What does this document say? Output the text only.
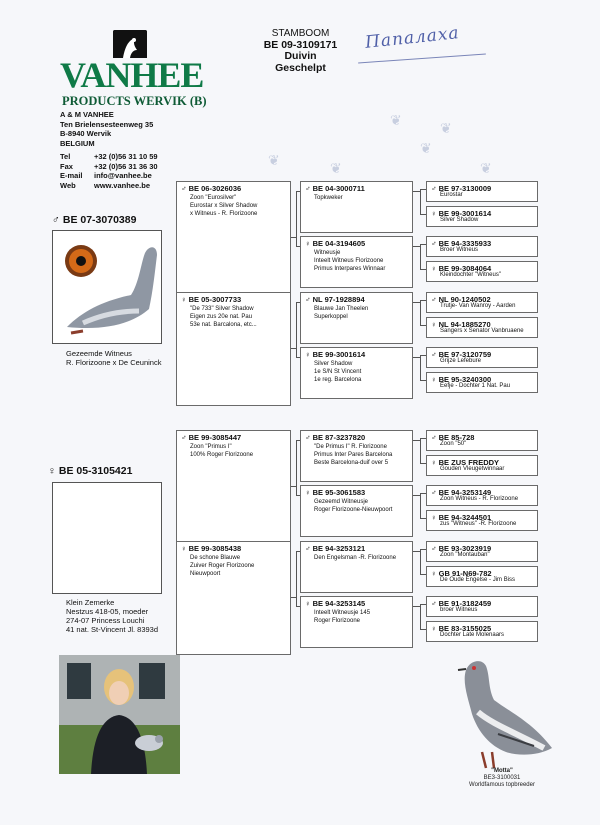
❦	❦
❦
❦
❦	❦
VANHEE
PRODUCTS WERVIK (B)
A & M VANHEE
Ten Brielensesteenweg 35
B-8940 Wervik
BELGIUM
Tel	+32 (0)56 31 10 59
Fax	+32 (0)56 31 36 30
E-mail	info@vanhee.be
Web	www.vanhee.be
STAMBOOM
BE 09-3109171
Duivin
Geschelpt
Папалаха
♂ BE 07-3070389
Gezeemde Witneus
R. Florizoone x De Ceuninck
♀ BE 05-3105421
Klein Zemerke
Nestzus 418-05, moeder
274-07 Princess Louchi
41 nat. St-Vincent Jl. 8393d
♂ BE 06-3026036
Zoon "Eurosilver"
Eurostar x Silver Shadow
x Witneus - R. Florizoone
♀ BE 05-3007733
"De 733" Silver Shadow
Eigen zus 20e nat. Pau
53e nat. Barcalona, etc...
♂ BE 99-3085447
Zoon "Primus I"
100% Roger Florizoone
♀ BE 99-3085438
De schone Blauwe
Zuiver Roger Florizoone
Nieuwpoort
♂ BE 04-3000711
Topkweker
♀ BE 04-3194605
Witneusje
Inteelt Witneus Florizoone
Primus Interpares Winnaar
♂ NL 97-1928894
Blauwe Jan Theelen
Superkoppel
♀ BE 99-3001614
Silver Shadow
1e S/N St Vincent
1e reg. Barcelona
♂ BE 87-3237820
"De Primus I" R. Florizoone
Primus Inter Pares Barcelona
Beste Barcelona-duif over 5
♀ BE 95-3061583
Gezeemd Witneusje
Roger Florizoone-Nieuwpoort
♂ BE 94-3253121
Den Engelsman -R. Florizoone
♀ BE 94-3253145
Inteelt Witneusje 145
Roger Florizoone
♂ BE 97-3130009
Eurostar
♀ BE 99-3001614
Silver Shadow
♂ BE 94-3335933
Broer Witneus
♀ BE 99-3084064
Kleindochter "Witneus"
♂ NL 90-1240502
Trutje- Van Wanroy - Aarden
♀ NL 94-1885270
Sangers x Senator Vanbruaene
♂ BE 97-3120759
Grijze Lefebure
♀ BE 95-3240300
Eefje - Dochter 1 Nat. Pau
♂ BE 85-728
Zoon "50"
♀ BE ZUS FREDDY
Gouden Vleugetwinnaar
♂ BE 94-3253149
Zoon Witneus - R. Florizoone
♀ BE 94-3244501
zus "Witneus" -R. Florizoone
♂ BE 93-3023919
Zoon "Montauban"
♀ GB 91-N69-782
De Oude Engelse - Jim Biss
♂ BE 91-3182459
broer Witneus
♀ BE 83-3155025
Dochter Late Molenaars
"Motta"
BE3-3100031
Worldfamous topbreeder
